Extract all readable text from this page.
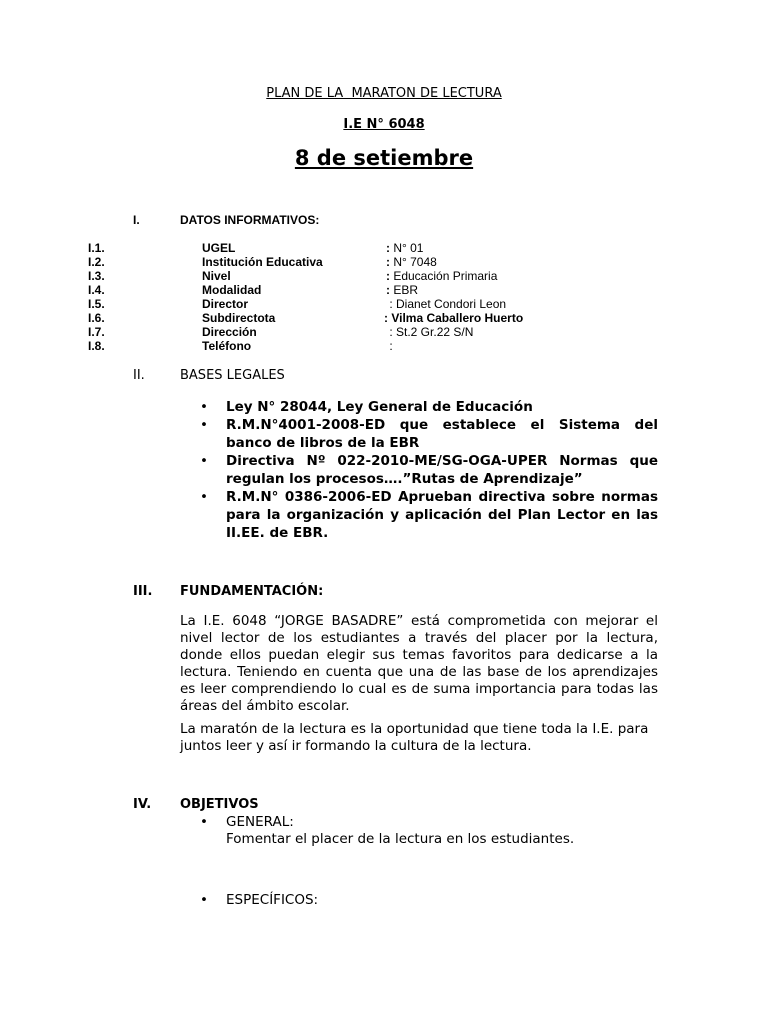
PLAN DE LA  MARATON DE LECTURA
I.E N° 6048
8 de setiembre
I.	DATOS INFORMATIVOS:
I.1.	UGEL	: N° 01
I.2.	Institución Educativa	: N° 7048
I.3.	Nivel	: Educación Primaria
I.4.	Modalidad	: EBR
I.5.	Director	: Dianet Condori Leon
I.6.	Subdirectota	: Vilma Caballero Huerto
I.7.	Dirección	: St.2 Gr.22 S/N
I.8.	Teléfono	:
II.	BASES LEGALES
• Ley N° 28044, Ley General de Educación
• R.M.N°4001-2008-ED que establece el Sistema del banco de libros de la EBR
• Directiva Nº 022-2010-ME/SG-OGA-UPER Normas que regulan los procesos….”Rutas de Aprendizaje”
• R.M.N° 0386-2006-ED Aprueban directiva sobre normas para la organización y aplicación del Plan Lector en las II.EE. de EBR.
III. FUNDAMENTACIÓN:

La I.E. 6048 “JORGE BASADRE” está comprometida con mejorar el nivel lector de los estudiantes a través del placer por la lectura, donde ellos puedan elegir sus temas favoritos para dedicarse a la lectura. Teniendo en cuenta que una de las base de los aprendizajes es leer comprendiendo lo cual es de suma importancia para todas las áreas del ámbito escolar.

La maratón de la lectura es la oportunidad que tiene toda la I.E. para juntos leer y así ir formando la cultura de la lectura.

IV. OBJETIVOS
• GENERAL:
Fomentar el placer de la lectura en los estudiantes.
• ESPECÍFICOS:
